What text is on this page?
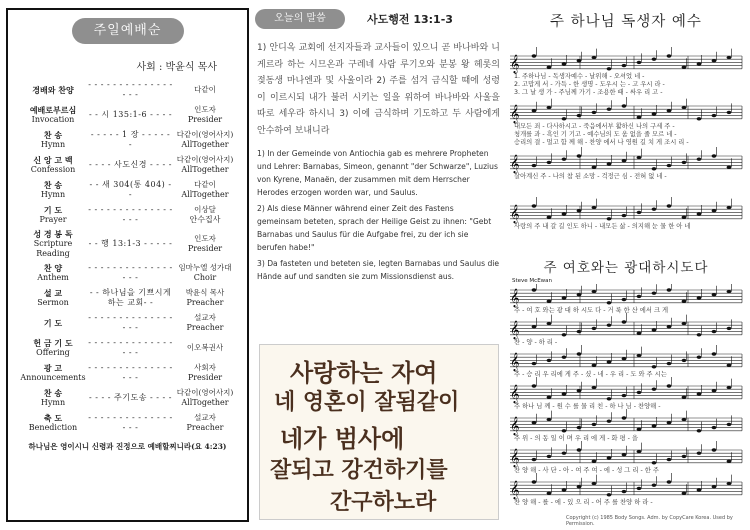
주일예배순
사회 : 박윤식 목사
경배와 찬양
- - - - - - - - - - - - - - - - -
다같이
예배로부르심
Invocation
- - 시 135:1-6 - - - -
인도자
Presider
찬 송
Hymn
- - - - - 1 장 - - - - - -
다같이(영어사지)
AllTogether
신 앙 고 백
Confession
- - - - 사도신경 - - - -
다같이(영어사지)
AllTogether
찬 송
Hymn
- - 새 304(통 404) - -
다같이
AllTogether
기 도
Prayer
- - - - - - - - - - - - - - - - -
이상달
안수집사
성 경 봉 독
Scripture Reading
- - 행 13:1-3 - - - - -
인도자
Presider
찬 양
Anthem
- - - - - - - - - - - - - - - - -
임마누엘 성가대
Choir
설 교
Sermon
- - 하나님을 기쁘시게
하는 교회- -
박윤식 목사
Preacher
기 도
- - - - - - - - - - - - - - - - -
설교자
Preacher
헌 금 기 도
Offering
- - - - - - - - - - - - - - - - -
이오복권사
광 고
Announcements
- - - - - - - - - - - - - - - - -
사회자
Presider
찬 송
Hymn
- - - - 주기도송 - - - -
다같이(영어사지)
AllTogether
축 도
Benediction
- - - - - - - - - - - - - - - - -
설교자
Preacher
하나님은 영이시니 신령과 진정으로 예배할찌니라(요 4:23)
오늘의 말씀	사도행전 13:1-3
1) 안디옥 교회에 선지자들과 교사들이 있으니 곧 바나바와 니게르라 하는 시므온과 구레네 사람 루기오와 분봉 왕 헤롯의 젖동생 마나엔과 및 사울이라 2) 주를 섬겨 금식할 때에 성령이 이르시되 내가 불러 시키는 일을 위하여 바나바와 사울을 따로 세우라 하시니 3) 이에 금식하며 기도하고 두 사람에게 안수하여 보내니라

1) In der Gemeinde von Antiochia gab es mehrere Propheten und Lehrer: Barnabas, Simeon, genannt "der Schwarze", Luzius von Kyrene, Manaën, der zusammen mit dem Herrscher Herodes erzogen worden war, und Saulus.

2) Als diese Männer während einer Zeit des Fastens gemeinsam beteten, sprach der Heilige Geist zu ihnen: "Gebt Barnabas und Saulus für die Aufgabe frei, zu der ich sie berufen habe!"

3) Da fasteten und beteten sie, legten Barnabas und Saulus die Hände auf und sandten sie zum Missionsdienst aus.

사랑하는 자여
네 영혼이 잘됨같이
네가 범사에
잘되고 강건하기를
간구하노라
주 하나님 독생자 예수
𝄞
1. 주하나님 - 독생자예수 - 날위해 - 오셔었 네 -
2. 고맙게 서 - 가득 - 한 생명 - 도우시 는 - 고 우시 라 -
3. 그 날 생 가 - 주님께 가기 - 조용한 때 - 싸우 리 고 -
𝄞
내모든 죄 - 다사하시고 - 죽음에서부 활하신 나의 구세 주 -
청개를 과 - 흑인 기 기고 - 예수님의 도 움 없을 줄 모르 네 -
승리의 결 - 멀고 함 께 해 - 찬양 에서 나 영원 길 치 게 조시 리 -
𝄞
살아계신 주 - 나의 참 된 소망 - 걱정근 심 - 전혀 없 네 -
𝄞
사랑의 주 내 갈 길 인도 하니 - 내모든 삶 - 의지해 눈 물 한 아 네
주 여호와는 광대하시도다
Steve McEwan
𝄞
주 - 여 호 와는 광 대 하 시도 다 - 거 룩 한 산 에서 크 게
𝄞
찬 - 양 - 하 리 -
𝄞
주 - 승 리 우 리에 게 주 - 셨 - 네 - 우 리 - 도 와 주 시는
𝄞
주 하나 님 께 - 원 수 를 물 리 친 - 하 나 님 - 찬양해 -
𝄞
주 위 - 의 동 일 이 며 우 리 에 게 - 화 평 - 을
𝄞
찬 양 해 - 사 단 - 아 - 여 주 여 - 에 - 성 그 리 - 한 주
𝄞
찬 양 해 - 를 - 에 - 있 으 리 - 어 주 를 찬양 하 라 -
Copyright (c) 1985 Body Songs. Adm. by CopyCare Korea. Used by Permission.
